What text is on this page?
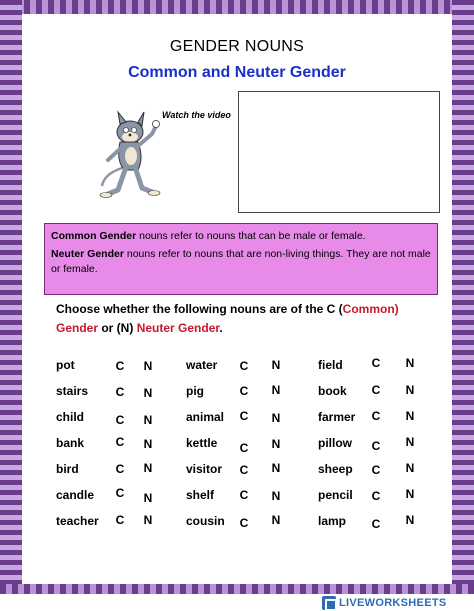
GENDER NOUNS
Common and Neuter Gender
Watch the video

Common Gender nouns refer to nouns that can be male or female.

Neuter Gender nouns refer to nouns that are non-living things. They are not male or female.

Choose whether the following nouns are of the C (Common)
Gender or (N) Neuter Gender.
pot	C	N	water	C	N	field	C	N
stairs	C	N	pig	C	N	book	C	N
child	C	N	animal	C	N	farmer	C	N
bank	C	N	kettle	C	N	pillow	C	N
bird	C	N	visitor	C	N	sheep	C	N
candle	C	N	shelf	C	N	pencil	C	N
teacher	C	N	cousin	C	N	lamp	C	N
LIVEWORKSHEETS
